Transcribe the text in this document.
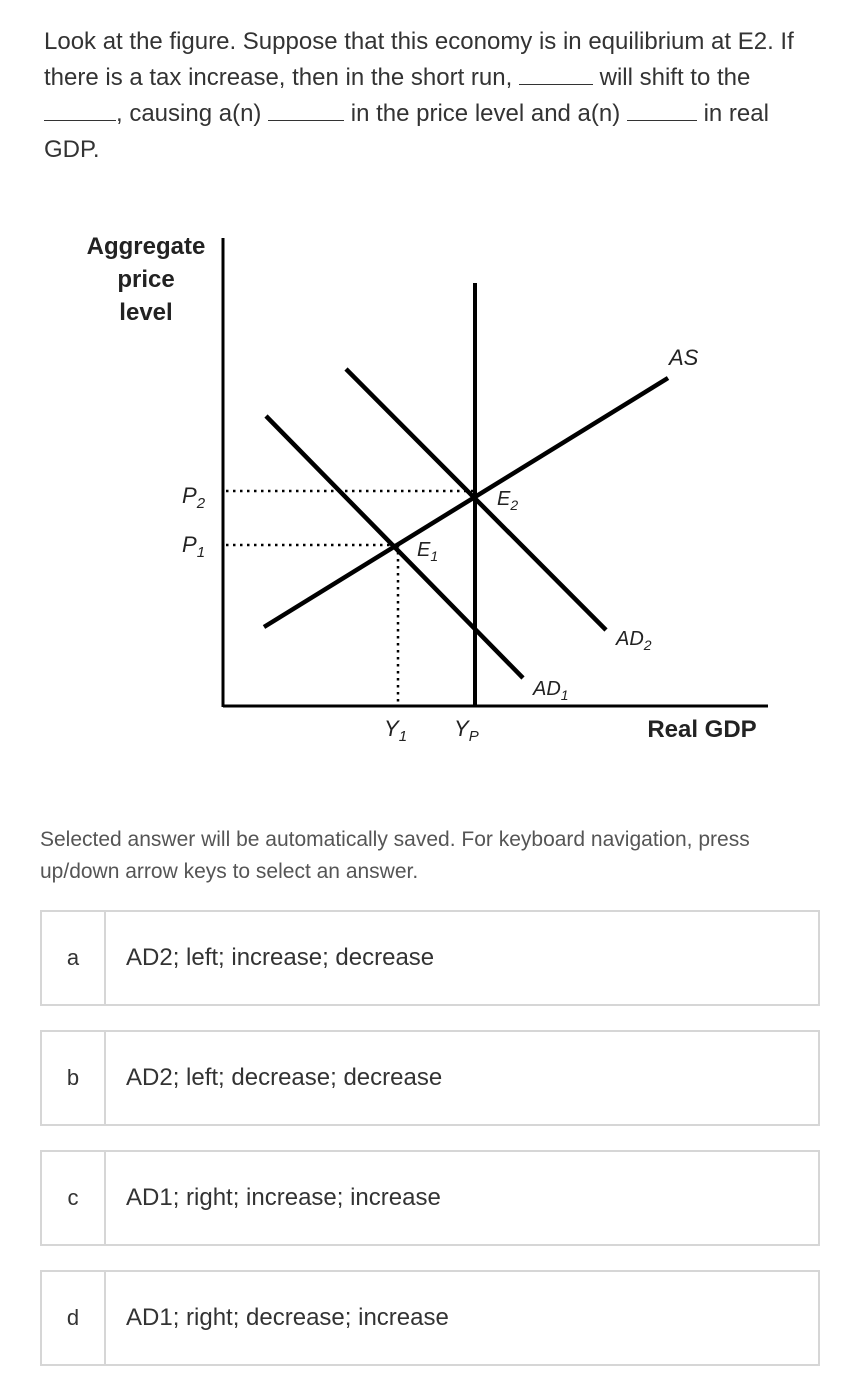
Look at the figure. Suppose that this economy is in equilibrium at E2. If there is a tax increase, then in the short run,	will shift to the , causing a(n)	in the price level and a(n)	in real GDP.

Aggregate
price
level
Real GDP
$P_2$
$P_1$
$Y_1$ $Y_P$
$E_1$
$E_2$
AS
$AD_1$
$AD_2$

Selected answer will be automatically saved. For keyboard navigation, press up/down arrow keys to select an answer.

a	AD2; left; increase; decrease
b	AD2; left; decrease; decrease
c	AD1; right; increase; increase
d	AD1; right; decrease; increase
